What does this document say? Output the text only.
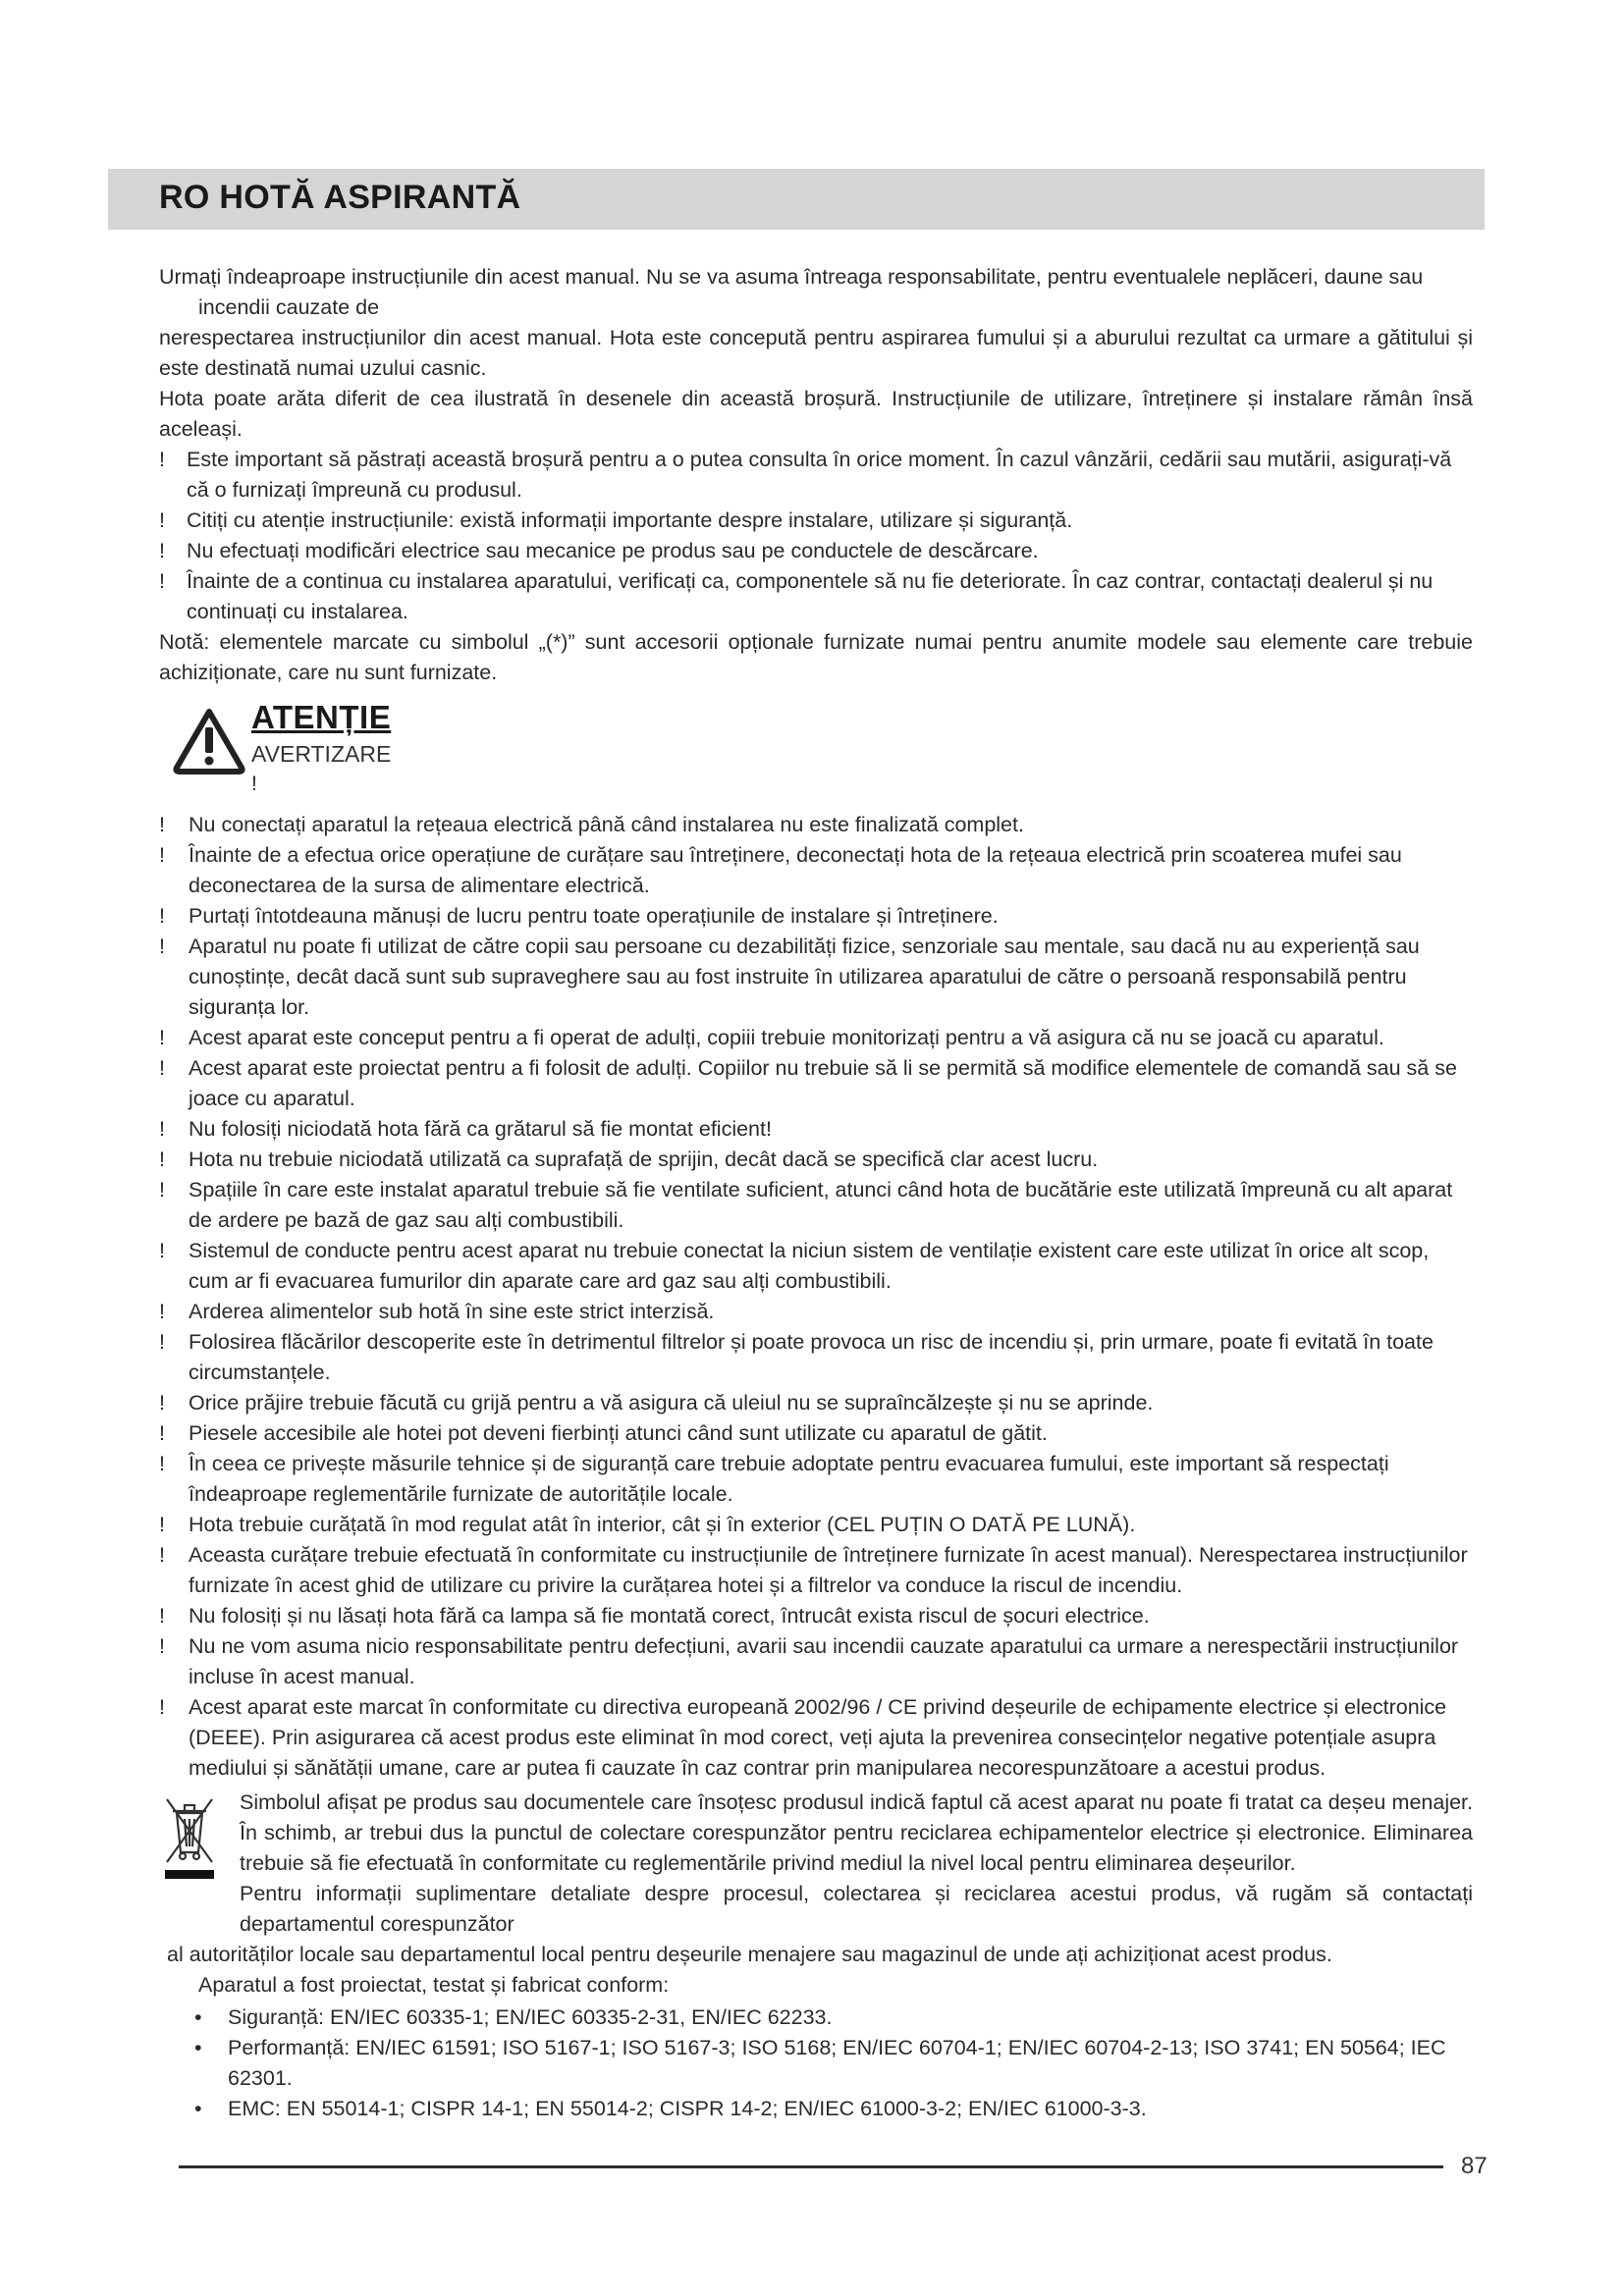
RO HOTĂ ASPIRANTĂ

Urmați îndeaproape instrucțiunile din acest manual. Nu se va asuma întreaga responsabilitate, pentru eventualele neplăceri, daune sau

incendii cauzate de

nerespectarea instrucțiunilor din acest manual. Hota este concepută pentru aspirarea fumului și a aburului rezultat ca urmare a gătitului și este destinată numai uzului casnic.

Hota poate arăta diferit de cea ilustrată în desenele din această broșură. Instrucțiunile de utilizare, întreținere și instalare rămân însă aceleași.

! Este important să păstrați această broșură pentru a o putea consulta în orice moment. În cazul vânzării, cedării sau mutării, asigurați-vă că o furnizați împreună cu produsul.

! Citiți cu atenție instrucțiunile: există informații importante despre instalare, utilizare și siguranță.

! Nu efectuați modificări electrice sau mecanice pe produs sau pe conductele de descărcare.

! Înainte de a continua cu instalarea aparatului, verificați ca, componentele să nu fie deteriorate. În caz contrar, contactați dealerul și nu continuați cu instalarea.

Notă: elementele marcate cu simbolul „(*)” sunt accesorii opționale furnizate numai pentru anumite modele sau elemente care trebuie achiziționate, care nu sunt furnizate.

ATENȚIE
AVERTIZARE
!

! Nu conectați aparatul la rețeaua electrică până când instalarea nu este finalizată complet.

! Înainte de a efectua orice operațiune de curățare sau întreținere, deconectați hota de la rețeaua electrică prin scoaterea mufei sau deconectarea de la sursa de alimentare electrică.

! Purtați întotdeauna mănuși de lucru pentru toate operațiunile de instalare și întreținere.

! Aparatul nu poate fi utilizat de către copii sau persoane cu dezabilități fizice, senzoriale sau mentale, sau dacă nu au experiență sau cunoștințe, decât dacă sunt sub supraveghere sau au fost instruite în utilizarea aparatului de către o persoană responsabilă pentru siguranța lor.

! Acest aparat este conceput pentru a fi operat de adulți, copiii trebuie monitorizați pentru a vă asigura că nu se joacă cu aparatul.

! Acest aparat este proiectat pentru a fi folosit de adulți. Copiilor nu trebuie să li se permită să modifice elementele de comandă sau să se joace cu aparatul.

! Nu folosiți niciodată hota fără ca grătarul să fie montat eficient!

! Hota nu trebuie niciodată utilizată ca suprafață de sprijin, decât dacă se specifică clar acest lucru.

! Spațiile în care este instalat aparatul trebuie să fie ventilate suficient, atunci când hota de bucătărie este utilizată împreună cu alt aparat de ardere pe bază de gaz sau alți combustibili.

! Sistemul de conducte pentru acest aparat nu trebuie conectat la niciun sistem de ventilație existent care este utilizat în orice alt scop, cum ar fi evacuarea fumurilor din aparate care ard gaz sau alți combustibili.

! Arderea alimentelor sub hotă în sine este strict interzisă.

! Folosirea flăcărilor descoperite este în detrimentul filtrelor și poate provoca un risc de incendiu și, prin urmare, poate fi evitată în toate circumstanțele.

! Orice prăjire trebuie făcută cu grijă pentru a vă asigura că uleiul nu se supraîncălzește și nu se aprinde.

! Piesele accesibile ale hotei pot deveni fierbinți atunci când sunt utilizate cu aparatul de gătit.

! În ceea ce privește măsurile tehnice și de siguranță care trebuie adoptate pentru evacuarea fumului, este important să respectați îndeaproape reglementările furnizate de autoritățile locale.

! Hota trebuie curățată în mod regulat atât în interior, cât și în exterior (CEL PUȚIN O DATĂ PE LUNĂ).

! Aceasta curățare trebuie efectuată în conformitate cu instrucțiunile de întreținere furnizate în acest manual). Nerespectarea instrucțiunilor furnizate în acest ghid de utilizare cu privire la curățarea hotei și a filtrelor va conduce la riscul de incendiu.

! Nu folosiți și nu lăsați hota fără ca lampa să fie montată corect, întrucât exista riscul de șocuri electrice.

! Nu ne vom asuma nicio responsabilitate pentru defecțiuni, avarii sau incendii cauzate aparatului ca urmare a nerespectării instrucțiunilor incluse în acest manual.

! Acest aparat este marcat în conformitate cu directiva europeană 2002/96 / CE privind deșeurile de echipamente electrice și electronice (DEEE). Prin asigurarea că acest produs este eliminat în mod corect, veți ajuta la prevenirea consecințelor negative potențiale asupra mediului și sănătății umane, care ar putea fi cauzate în caz contrar prin manipularea necorespunzătoare a acestui produs.

Simbolul afișat pe produs sau documentele care însoțesc produsul indică faptul că acest aparat nu poate fi tratat ca deșeu menajer. În schimb, ar trebui dus la punctul de colectare corespunzător pentru reciclarea echipamentelor electrice și electronice. Eliminarea trebuie să fie efectuată în conformitate cu reglementările privind mediul la nivel local pentru eliminarea deșeurilor.

Pentru informații suplimentare detaliate despre procesul, colectarea și reciclarea acestui produs, vă rugăm să contactați departamentul corespunzător

al autorităților locale sau departamentul local pentru deșeurile menajere sau magazinul de unde ați achiziționat acest produs.

Aparatul a fost proiectat, testat și fabricat conform:

• Siguranță: EN/IEC 60335-1; EN/IEC 60335-2-31, EN/IEC 62233.

• Performanță: EN/IEC 61591; ISO 5167-1; ISO 5167-3; ISO 5168; EN/IEC 60704-1; EN/IEC 60704-2-13; ISO 3741; EN 50564; IEC 62301.

• EMC: EN 55014-1; CISPR 14-1; EN 55014-2; CISPR 14-2; EN/IEC 61000-3-2; EN/IEC 61000-3-3.

87
